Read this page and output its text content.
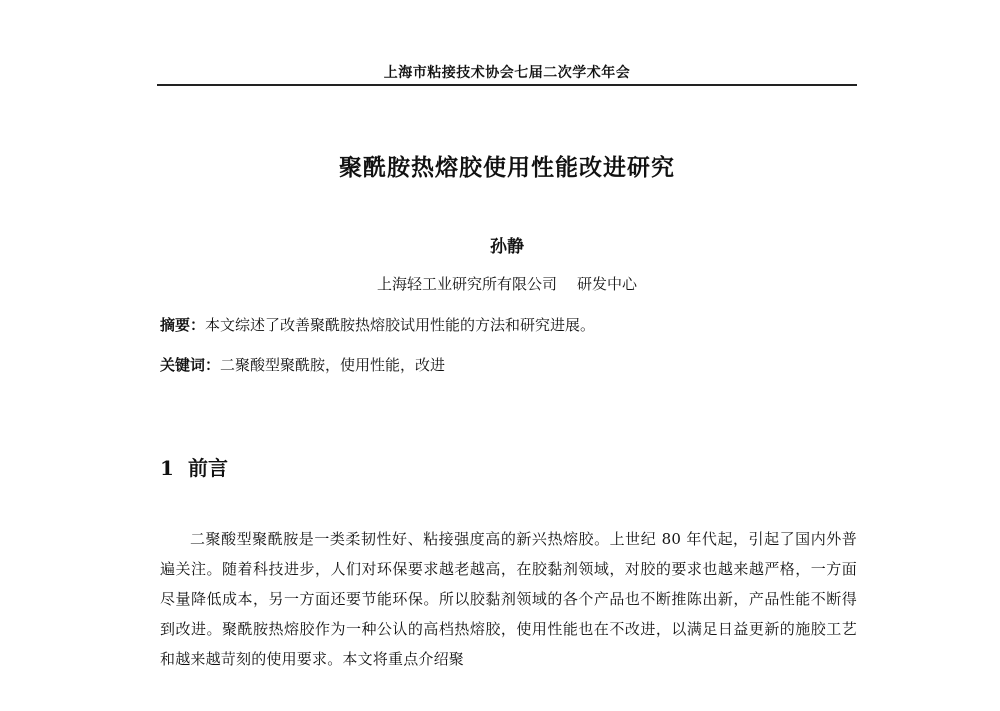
上海市粘接技术协会七届二次学术年会
聚酰胺热熔胶使用性能改进研究
孙静
上海轻工业研究所有限公司 研发中心
摘要：本文综述了改善聚酰胺热熔胶试用性能的方法和研究进展。
关键词：二聚酸型聚酰胺，使用性能，改进
1 前言

二聚酸型聚酰胺是一类柔韧性好、粘接强度高的新兴热熔胶。上世纪 80 年代起，引起了国内外普遍关注。随着科技进步，人们对环保要求越老越高，在胶黏剂领域，对胶的要求也越来越严格，一方面尽量降低成本，另一方面还要节能环保。所以胶黏剂领域的各个产品也不断推陈出新，产品性能不断得到改进。聚酰胺热熔胶作为一种公认的高档热熔胶，使用性能也在不改进，以满足日益更新的施胶工艺和越来越苛刻的使用要求。本文将重点介绍聚
